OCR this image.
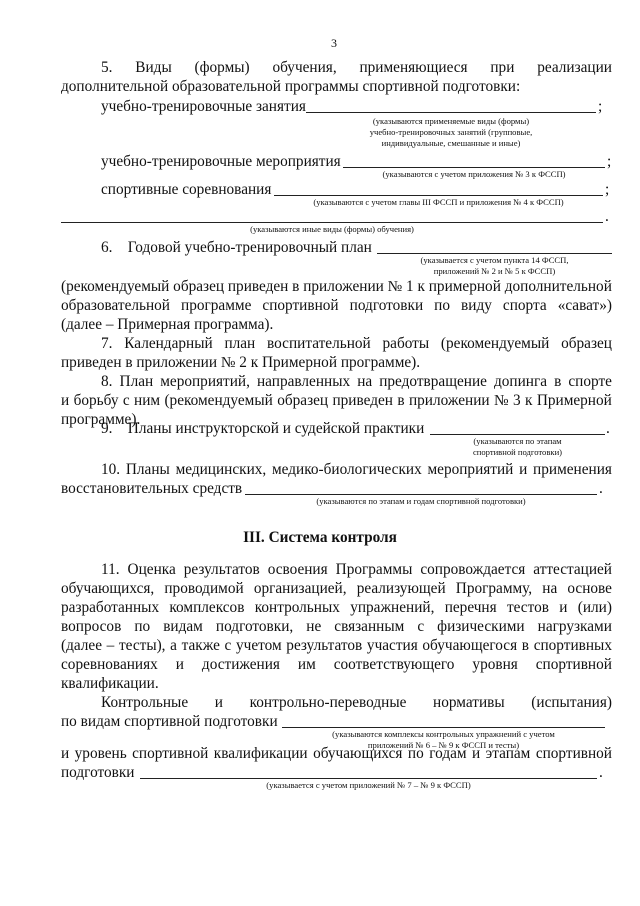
3
5. Виды (формы) обучения, применяющиеся при реализации
дополнительной образовательной программы спортивной подготовки:
учебно-тренировочные занятия	;
(указываются применяемые виды (формы)
учебно-тренировочных занятий (групповые,
индивидуальные, смешанные и иные)
учебно-тренировочные мероприятия	;
(указываются с учетом приложения № 3 к ФССП)
спортивные соревнования	;
(указываются с учетом главы III ФССП и приложения № 4 к ФССП)
.
(указываются иные виды (формы) обучения)
6.    Годовой учебно-тренировочный план
(указывается с учетом пункта 14 ФССП,
приложений № 2 и № 5 к ФССП)
(рекомендуемый образец приведен в приложении № 1 к примерной дополнительной
образовательной программе спортивной подготовки по виду спорта «сават»)
(далее – Примерная программа).
7. Календарный план воспитательной работы (рекомендуемый образец
приведен в приложении № 2 к Примерной программе).
8. План мероприятий, направленных на предотвращение допинга в спорте
и борьбу с ним (рекомендуемый образец приведен в приложении № 3 к Примерной
программе).
9.    Планы инструкторской и судейской практики	.
(указываются по этапам
спортивной подготовки)
10. Планы медицинских, медико-биологических мероприятий и применения
восстановительных средств	.
(указываются по этапам и годам спортивной подготовки)
III. Система контроля
11. Оценка результатов освоения Программы сопровождается аттестацией
обучающихся, проводимой организацией, реализующей Программу, на основе
разработанных комплексов контрольных упражнений, перечня тестов и (или)
вопросов по видам подготовки, не связанным с физическими нагрузками
(далее – тесты), а также с учетом результатов участия обучающегося в спортивных
соревнованиях и достижения им соответствующего уровня спортивной
квалификации.
Контрольные и контрольно-переводные нормативы (испытания)
по видам спортивной подготовки
(указываются комплексы контрольных упражнений с учетом
приложений № 6 – № 9 к ФССП и тесты)
и уровень спортивной квалификации обучающихся по годам и этапам спортивной
подготовки	.
(указывается с учетом приложений № 7 – № 9 к ФССП)
